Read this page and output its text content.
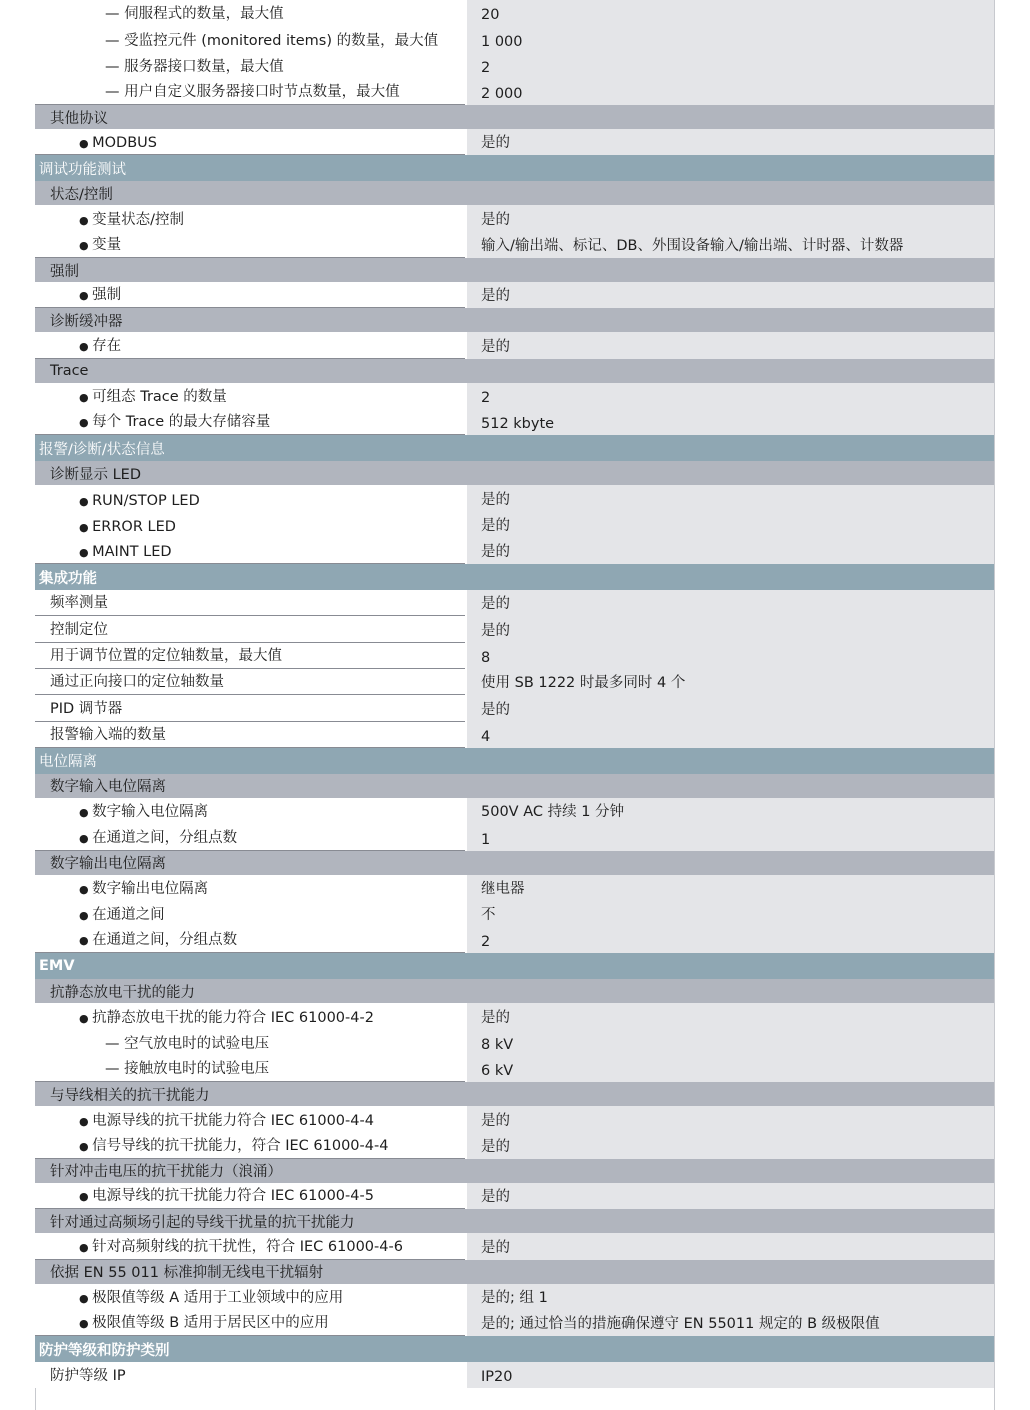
— 伺服程式的数量，最大值	20
— 受监控元件 (monitored items) 的数量，最大值	1 000
— 服务器接口数量，最大值	2
— 用户自定义服务器接口时节点数量，最大值	2 000
其他协议
● MODBUS	是的
调试功能测试
状态/控制
● 变量状态/控制	是的
● 变量	输入/输出端、标记、DB、外围设备输入/输出端、计时器、计数器
强制
● 强制	是的
诊断缓冲器
● 存在	是的
Trace
● 可组态 Trace 的数量	2
● 每个 Trace 的最大存储容量	512 kbyte
报警/诊断/状态信息
诊断显示 LED
● RUN/STOP LED	是的
● ERROR LED	是的
● MAINT LED	是的
集成功能
频率测量	是的
控制定位	是的
用于调节位置的定位轴数量，最大值	8
通过正向接口的定位轴数量	使用 SB 1222 时最多同时 4 个
PID 调节器	是的
报警输入端的数量	4
电位隔离
数字输入电位隔离
● 数字输入电位隔离	500V AC 持续 1 分钟
● 在通道之间，分组点数	1
数字输出电位隔离
● 数字输出电位隔离	继电器
● 在通道之间	不
● 在通道之间，分组点数	2
EMV
抗静态放电干扰的能力
● 抗静态放电干扰的能力符合 IEC 61000-4-2	是的
— 空气放电时的试验电压	8 kV
— 接触放电时的试验电压	6 kV
与导线相关的抗干扰能力
● 电源导线的抗干扰能力符合 IEC 61000-4-4	是的
● 信号导线的抗干扰能力，符合 IEC 61000-4-4	是的
针对冲击电压的抗干扰能力（浪涌）
● 电源导线的抗干扰能力符合 IEC 61000-4-5	是的
针对通过高频场引起的导线干扰量的抗干扰能力
● 针对高频射线的抗干扰性，符合 IEC 61000-4-6	是的
依据 EN 55 011 标准抑制无线电干扰辐射
● 极限值等级 A 适用于工业领域中的应用	是的; 组 1
● 极限值等级 B 适用于居民区中的应用	是的; 通过恰当的措施确保遵守 EN 55011 规定的 B 级极限值
防护等级和防护类别
防护等级 IP	IP20
